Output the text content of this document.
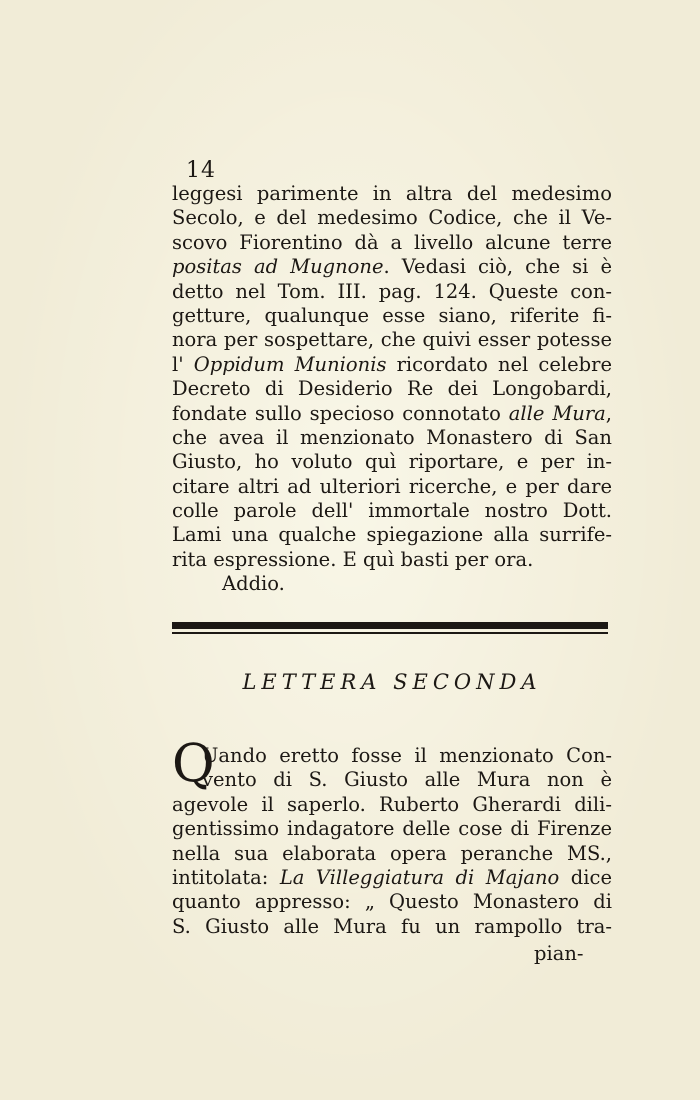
14
leggesi parimente in altra del medesimo
Secolo, e del medesimo Codice, che il Ve-
scovo Fiorentino dà a livello alcune terre
positas ad Mugnone. Vedasi ciò, che si è
detto nel Tom. III. pag. 124. Queste con-
getture, qualunque esse siano, riferite fi-
nora per sospettare, che quivi esser potesse
l' Oppidum Munionis ricordato nel celebre
Decreto di Desiderio Re dei Longobardi,
fondate sullo specioso connotato alle Mura,
che avea il menzionato Monastero di San
Giusto, ho voluto quì riportare, e per in-
citare altri ad ulteriori ricerche, e per dare
colle parole dell' immortale nostro Dott.
Lami una qualche spiegazione alla surrife-
rita espressione. E quì basti per ora.
Addio.
LETTERA SECONDA
Q
Uando eretto fosse il menzionato Con-
vento di S. Giusto alle Mura non è
agevole il saperlo. Ruberto Gherardi dili-
gentissimo indagatore delle cose di Firenze
nella sua elaborata opera peranche MS.,
intitolata: La Villeggiatura di Majano dice
quanto appresso: „ Questo Monastero di
S. Giusto alle Mura fu un rampollo tra-
pian-
